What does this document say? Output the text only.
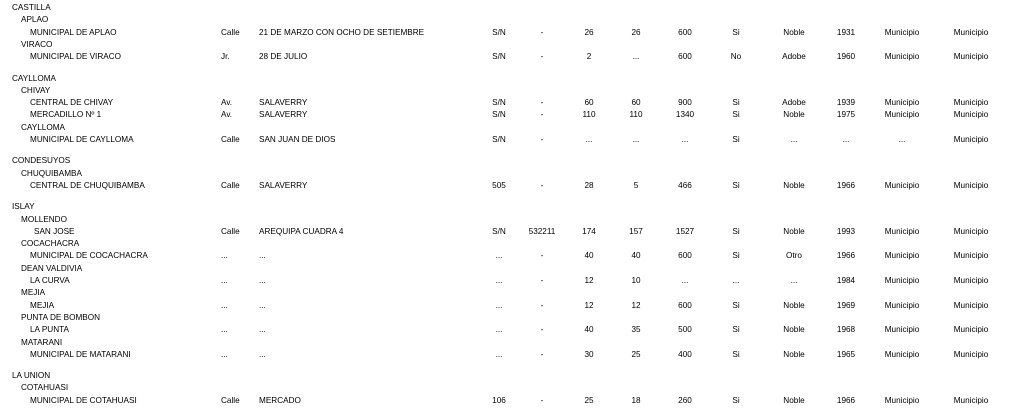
CASTILLA
APLAO
MUNICIPAL DE APLAO	Calle 21 DE MARZO CON OCHO DE SETIEMBRE	S/N	-	26	26	600	Si	Noble	1931	Municipio	Municipio
VIRACO
MUNICIPAL DE VIRACO	Jr.	28 DE JULIO	S/N	-	2	...	600	No	Adobe	1960	Municipio	Municipio
CAYLLOMA
CHIVAY
CENTRAL DE CHIVAY	Av.	SALAVERRY	S/N	-	60	60	900	Si	Adobe	1939	Municipio	Municipio
MERCADILLO Nº 1	Av.	SALAVERRY	S/N	-	110	110	1340	Si	Noble	1975	Municipio	Municipio
CAYLLOMA
MUNICIPAL DE CAYLLOMA	Calle SAN JUAN DE DIOS	S/N	-	...	...	...	Si	...	...	...	Municipio
CONDESUYOS
CHUQUIBAMBA
CENTRAL DE CHUQUIBAMBA	Calle SALAVERRY	505	-	28	5	466	Si	Noble	1966	Municipio	Municipio
ISLAY
MOLLENDO
SAN JOSE	Calle AREQUIPA CUADRA 4	S/N	532211	174	157	1527	Si	Noble	1993	Municipio	Municipio
COCACHACRA
MUNICIPAL DE COCACHACRA	...	...	...	-	40	40	600	Si	Otro	1966	Municipio	Municipio
DEAN VALDIVIA
LA CURVA	...	...	...	-	12	10	...	...	...	1984	Municipio	Municipio
MEJIA
MEJIA	...	...	...	-	12	12	600	Si	Noble	1969	Municipio	Municipio
PUNTA DE BOMBON
LA PUNTA	...	...	...	-	40	35	500	Si	Noble	1968	Municipio	Municipio
MATARANI
MUNICIPAL DE MATARANI	...	...	...	-	30	25	400	Si	Noble	1965	Municipio	Municipio
LA UNION
COTAHUASI
MUNICIPAL DE COTAHUASI	Calle MERCADO	106	-	25	18	260	Si	Noble	1966	Municipio	Municipio
